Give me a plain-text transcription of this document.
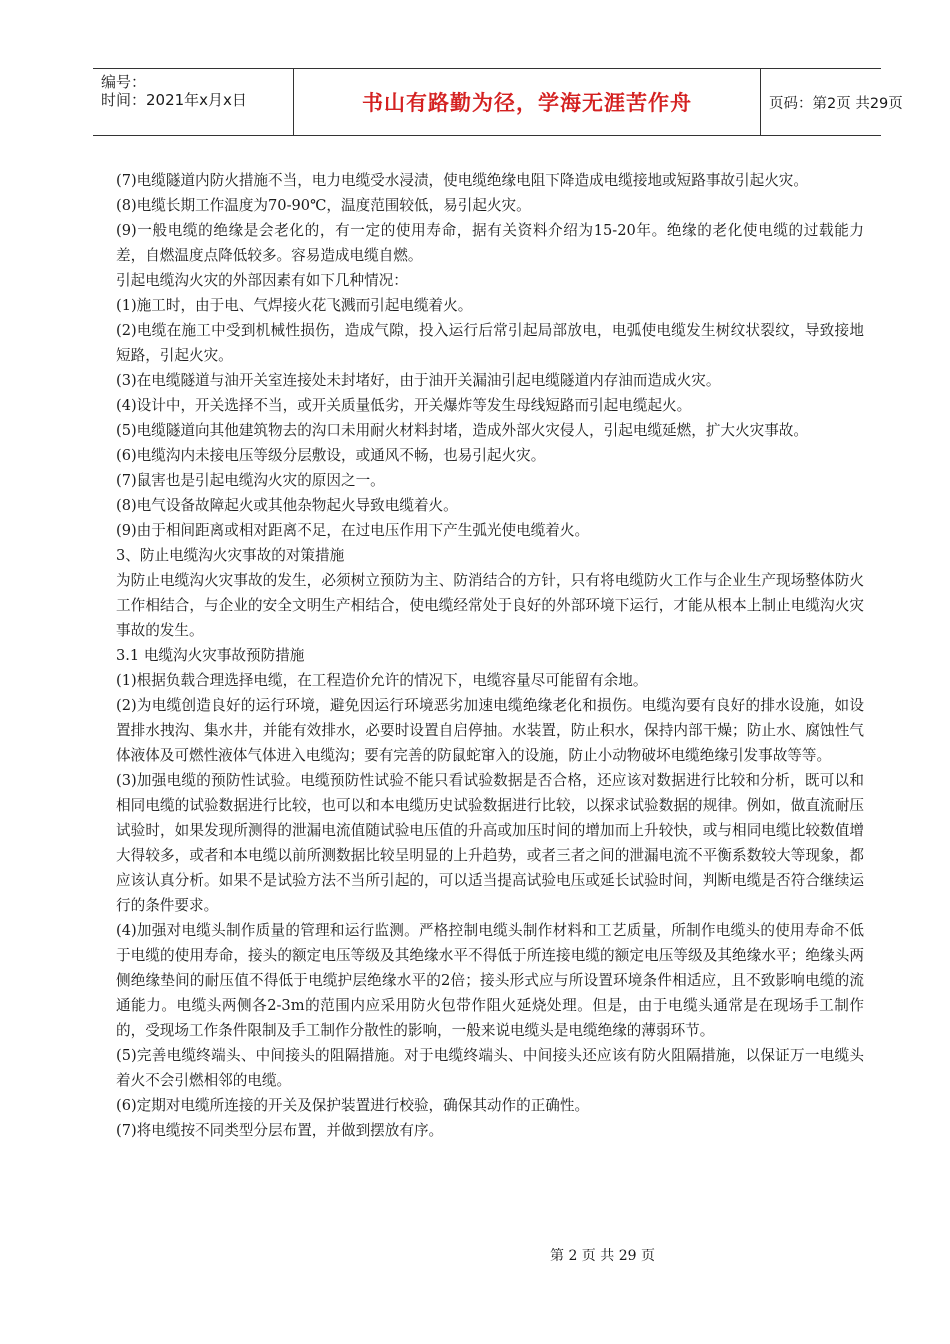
编号：
时间：2021年x月x日	书山有路勤为径，学海无涯苦作舟	页码：第2页 共29页

(7)电缆隧道内防火措施不当，电力电缆受水浸渍，使电缆绝缘电阻下降造成电缆接地或短路事故引起火灾。

(8)电缆长期工作温度为70-90℃，温度范围较低，易引起火灾。

(9)一般电缆的绝缘是会老化的，有一定的使用寿命，据有关资料介绍为15-20年。绝缘的老化使电缆的过载能力差，自燃温度点降低较多。容易造成电缆自燃。

引起电缆沟火灾的外部因素有如下几种情况：

(1)施工时，由于电、气焊接火花飞溅而引起电缆着火。

(2)电缆在施工中受到机械性损伤，造成气隙，投入运行后常引起局部放电，电弧使电缆发生树纹状裂纹，导致接地短路，引起火灾。

(3)在电缆隧道与油开关室连接处未封堵好，由于油开关漏油引起电缆隧道内存油而造成火灾。

(4)设计中，开关选择不当，或开关质量低劣，开关爆炸等发生母线短路而引起电缆起火。

(5)电缆隧道向其他建筑物去的沟口未用耐火材料封堵，造成外部火灾侵人，引起电缆延燃，扩大火灾事故。

(6)电缆沟内未接电压等级分层敷设，或通风不畅，也易引起火灾。

(7)鼠害也是引起电缆沟火灾的原因之一。

(8)电气设备故障起火或其他杂物起火导致电缆着火。

(9)由于相间距离或相对距离不足，在过电压作用下产生弧光使电缆着火。

3、防止电缆沟火灾事故的对策措施

为防止电缆沟火灾事故的发生，必须树立预防为主、防消结合的方针，只有将电缆防火工作与企业生产现场整体防火工作相结合，与企业的安全文明生产相结合，使电缆经常处于良好的外部环境下运行，才能从根本上制止电缆沟火灾事故的发生。

3.1 电缆沟火灾事故预防措施

(1)根据负载合理选择电缆，在工程造价允许的情况下，电缆容量尽可能留有余地。

(2)为电缆创造良好的运行环境，避免因运行环境恶劣加速电缆绝缘老化和损伤。电缆沟要有良好的排水设施，如设置排水拽沟、集水井，并能有效排水，必要时设置自启停抽。水装置，防止积水，保持内部干燥；防止水、腐蚀性气体液体及可燃性液体气体进入电缆沟；要有完善的防鼠蛇窜入的设施，防止小动物破坏电缆绝缘引发事故等等。

(3)加强电缆的预防性试验。电缆预防性试验不能只看试验数据是否合格，还应该对数据进行比较和分析，既可以和相同电缆的试验数据进行比较，也可以和本电缆历史试验数据进行比较，以探求试验数据的规律。例如，做直流耐压试验时，如果发现所测得的泄漏电流值随试验电压值的升高或加压时间的增加而上升较快，或与相同电缆比较数值增大得较多，或者和本电缆以前所测数据比较呈明显的上升趋势，或者三者之间的泄漏电流不平衡系数较大等现象，都应该认真分析。如果不是试验方法不当所引起的，可以适当提高试验电压或延长试验时间，判断电缆是否符合继续运行的条件要求。

(4)加强对电缆头制作质量的管理和运行监测。严格控制电缆头制作材料和工艺质量，所制作电缆头的使用寿命不低于电缆的使用寿命，接头的额定电压等级及其绝缘水平不得低于所连接电缆的额定电压等级及其绝缘水平；绝缘头两侧绝缘垫间的耐压值不得低于电缆护层绝缘水平的2倍；接头形式应与所设置环境条件相适应，且不致影响电缆的流通能力。电缆头两侧各2-3m的范围内应采用防火包带作阻火延烧处理。但是，由于电缆头通常是在现场手工制作的，受现场工作条件限制及手工制作分散性的影响，一般来说电缆头是电缆绝缘的薄弱环节。

(5)完善电缆终端头、中间接头的阻隔措施。对于电缆终端头、中间接头还应该有防火阻隔措施，以保证万一电缆头着火不会引燃相邻的电缆。

(6)定期对电缆所连接的开关及保护装置进行校验，确保其动作的正确性。

(7)将电缆按不同类型分层布置，并做到摆放有序。

第 2 页 共 29 页
